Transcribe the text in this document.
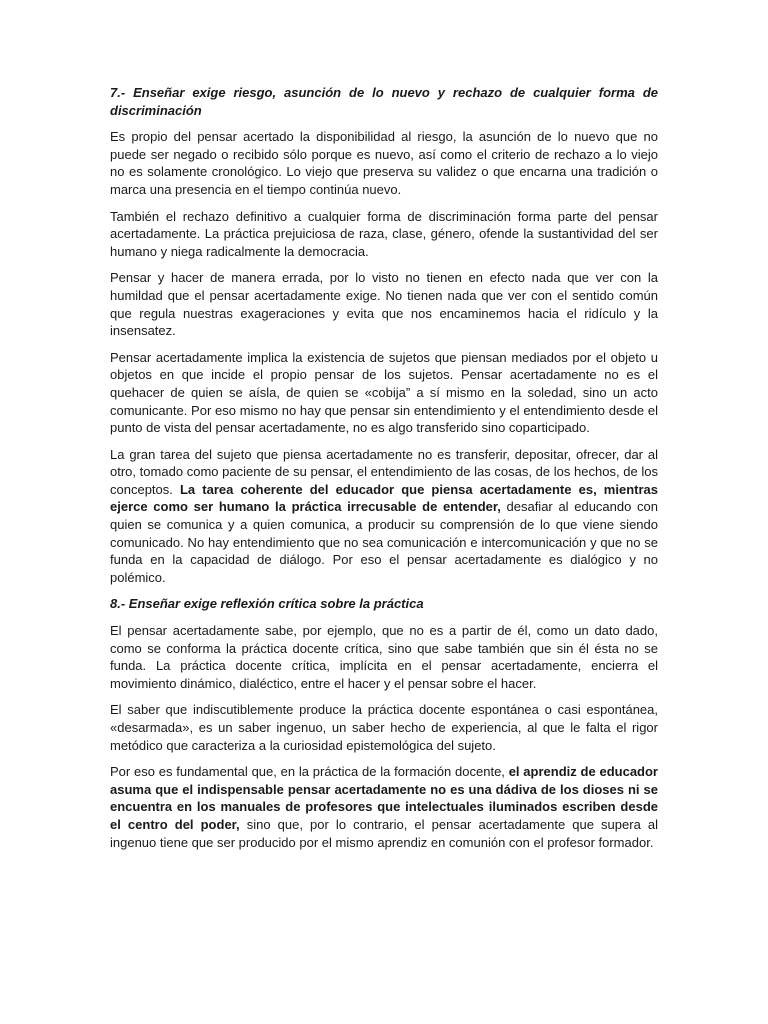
7.- Enseñar exige riesgo, asunción de lo nuevo y rechazo de cualquier forma de discriminación

Es propio del pensar acertado la disponibilidad al riesgo, la asunción de lo nuevo que no puede ser negado o recibido sólo porque es nuevo, así como el criterio de rechazo a lo viejo no es solamente cronológico. Lo viejo que preserva su validez o que encarna una tradición o marca una presencia en el tiempo continúa nuevo.

También el rechazo definitivo a cualquier forma de discriminación forma parte del pensar acertadamente. La práctica prejuiciosa de raza, clase, género, ofende la sustantividad del ser humano y niega radicalmente la democracia.

Pensar y hacer de manera errada, por lo visto no tienen en efecto nada que ver con la humildad que el pensar acertadamente exige. No tienen nada que ver con el sentido común que regula nuestras exageraciones y evita que nos encaminemos hacia el ridículo y la insensatez.

Pensar acertadamente implica la existencia de sujetos que piensan mediados por el objeto u objetos en que incide el propio pensar de los sujetos. Pensar acertadamente no es el quehacer de quien se aísla, de quien se «cobija” a sí mismo en la soledad, sino un acto comunicante. Por eso mismo no hay que pensar sin entendimiento y el entendimiento desde el punto de vista del pensar acertadamente, no es algo transferido sino coparticipado.

La gran tarea del sujeto que piensa acertadamente no es transferir, depositar, ofrecer, dar al otro, tomado como paciente de su pensar, el entendimiento de las cosas, de los hechos, de los conceptos. La tarea coherente del educador que piensa acertadamente es, mientras ejerce como ser humano la práctica irrecusable de entender, desafiar al educando con quien se comunica y a quien comunica, a producir su comprensión de lo que viene siendo comunicado. No hay entendimiento que no sea comunicación e intercomunicación y que no se funda en la capacidad de diálogo. Por eso el pensar acertadamente es dialógico y no polémico.

8.- Enseñar exige reflexión crítica sobre la práctica

El pensar acertadamente sabe, por ejemplo, que no es a partir de él, como un dato dado, como se conforma la práctica docente crítica, sino que sabe también que sin él ésta no se funda. La práctica docente crítica, implícita en el pensar acertadamente, encierra el movimiento dinámico, dialéctico, entre el hacer y el pensar sobre el hacer.

El saber que indiscutiblemente produce la práctica docente espontánea o casi espontánea, «desarmada», es un saber ingenuo, un saber hecho de experiencia, al que le falta el rigor metódico que caracteriza a la curiosidad epistemológica del sujeto.

Por eso es fundamental que, en la práctica de la formación docente, el aprendiz de educador asuma que el indispensable pensar acertadamente no es una dádiva de los dioses ni se encuentra en los manuales de profesores que intelectuales iluminados escriben desde el centro del poder, sino que, por lo contrario, el pensar acertadamente que supera al ingenuo tiene que ser producido por el mismo aprendiz en comunión con el profesor formador.
